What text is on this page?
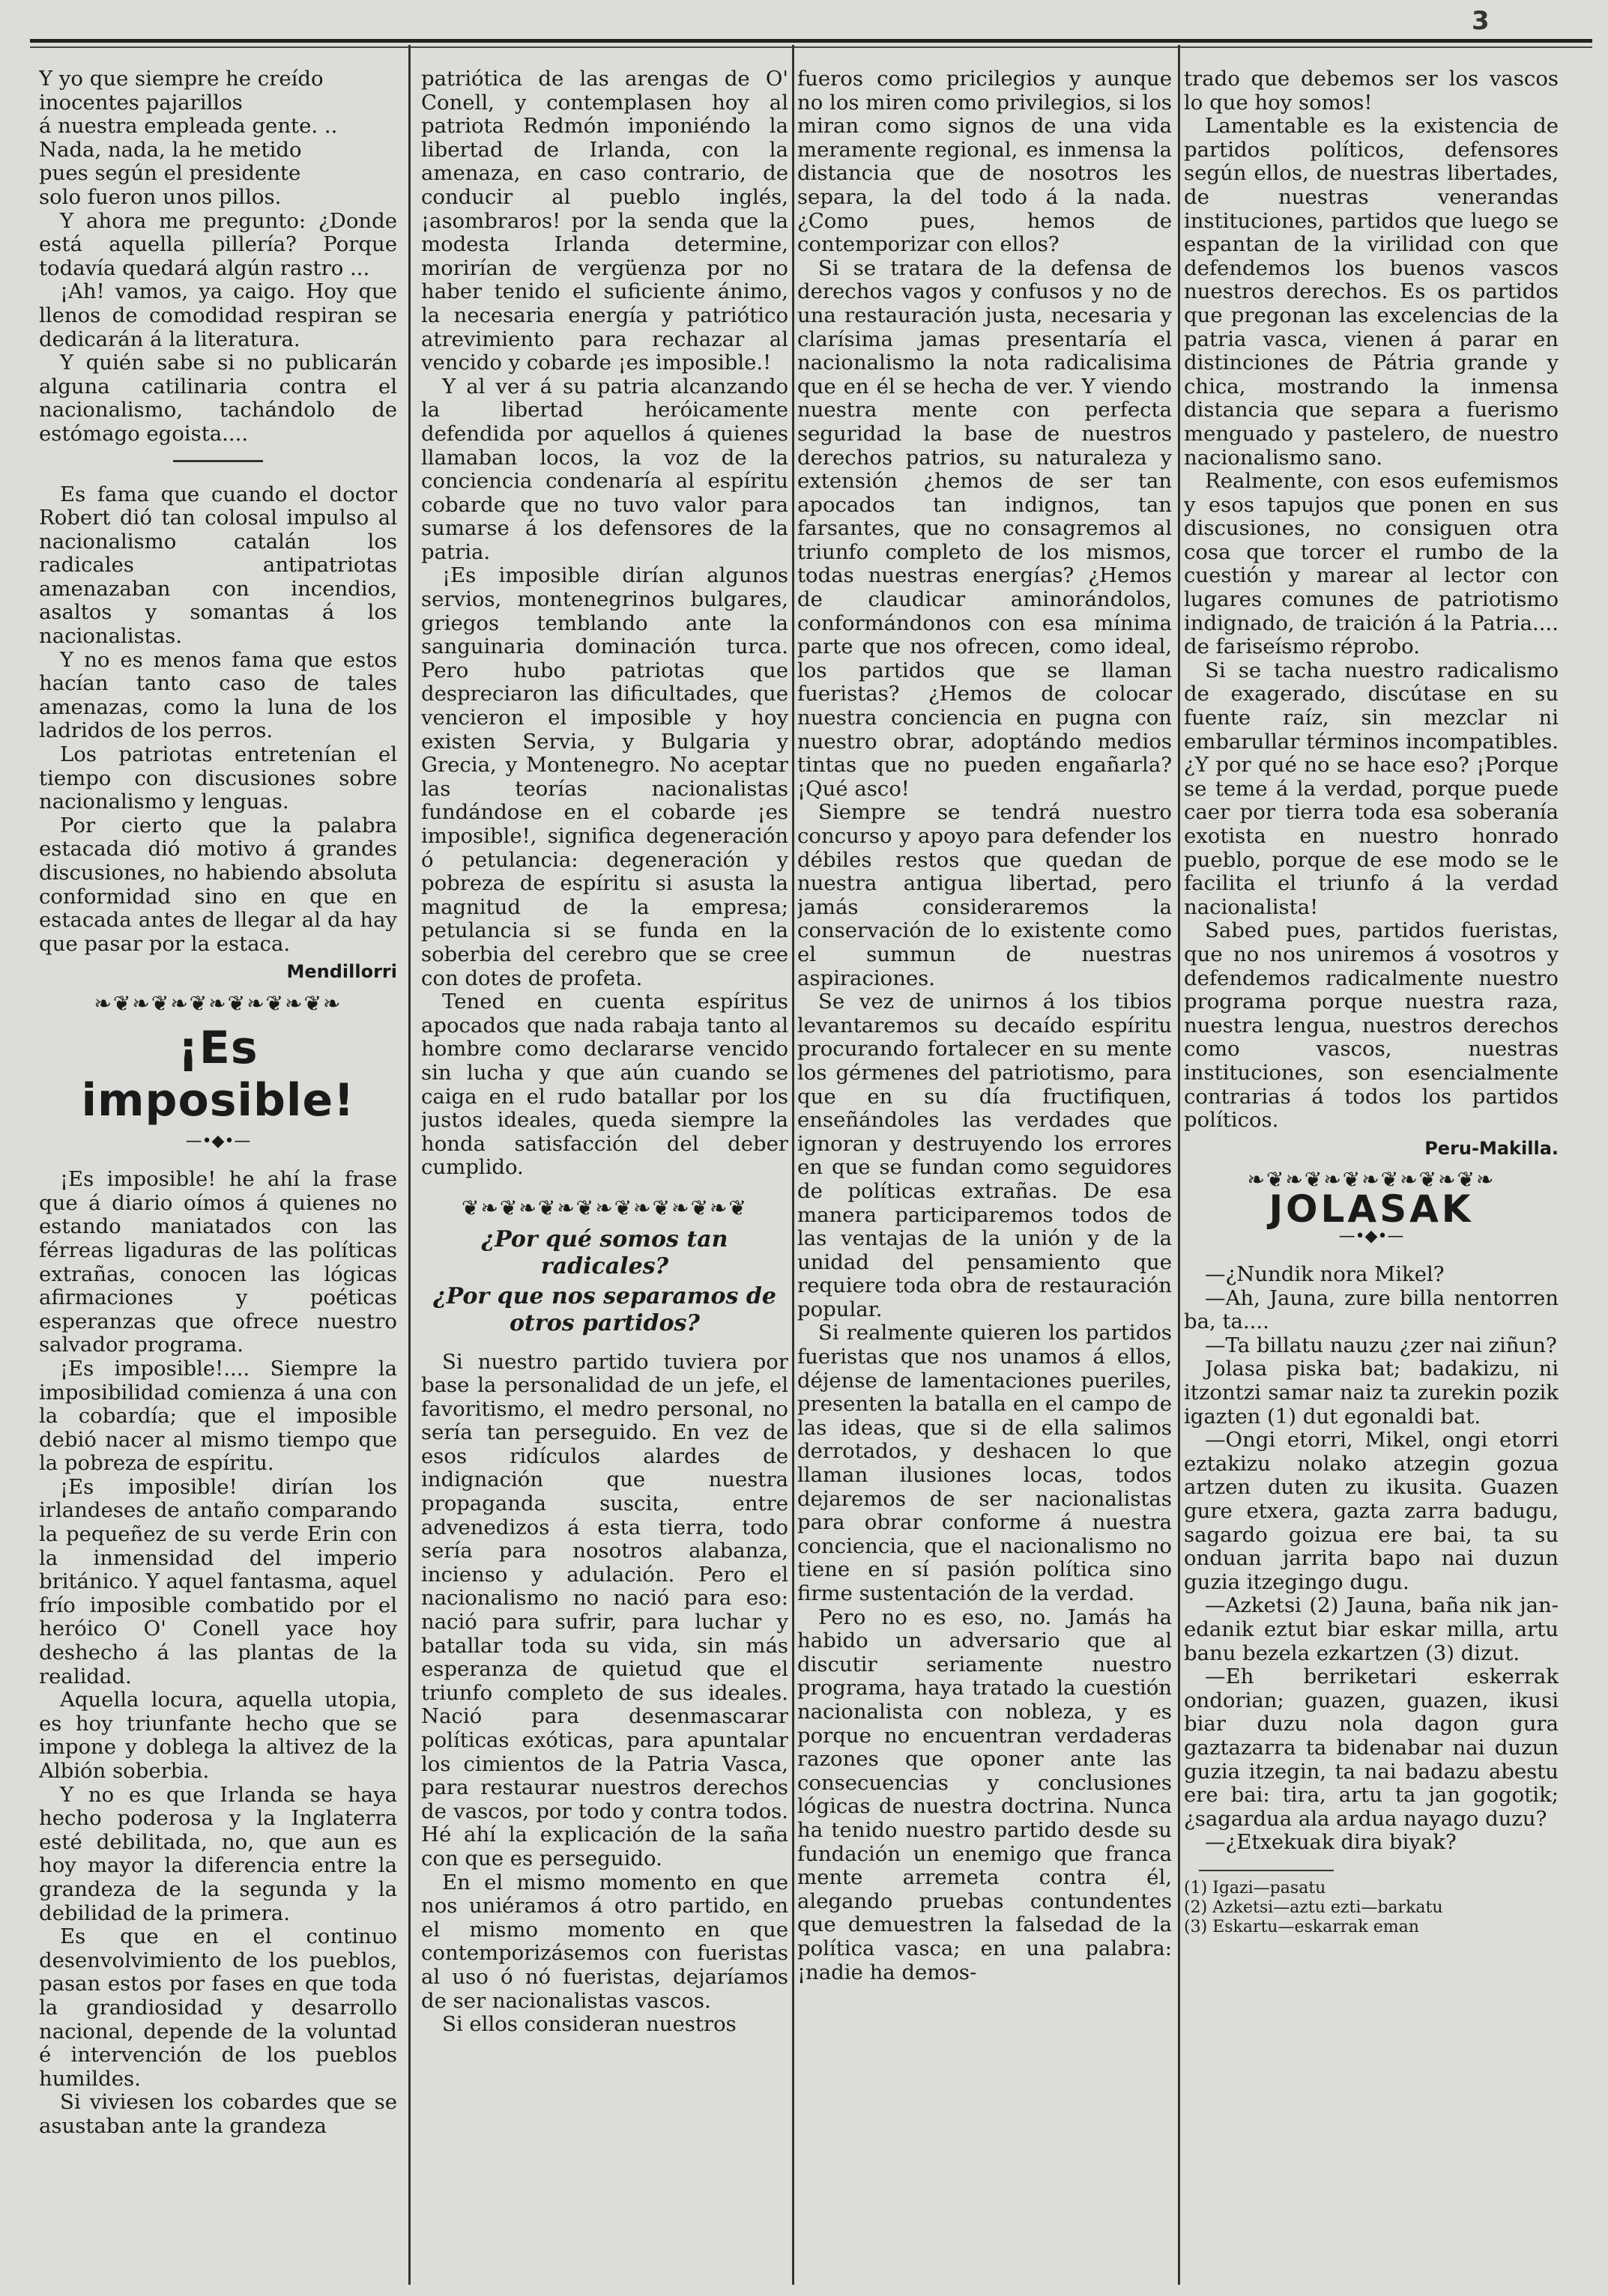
3

Y yo que siempre he creído

inocentes pajarillos

á nuestra empleada gente. ..

Nada, nada, la he metido

pues según el presidente

solo fueron unos pillos.

Y ahora me pregunto: ¿Donde está aquella pillería? Porque todavía quedará algún rastro ...

¡Ah! vamos, ya caigo. Hoy que llenos de comodidad respiran se dedicarán á la literatura.

Y quién sabe si no publicarán alguna catilinaria contra el nacionalismo, tachándolo de estómago egoista....

Es fama que cuando el doctor Robert dió tan colosal impulso al nacionalismo catalán los radicales antipatriotas amenazaban con incendios, asaltos y somantas á los nacionalistas.

Y no es menos fama que estos hacían tanto caso de tales amenazas, como la luna de los ladridos de los perros.

Los patriotas entretenían el tiempo con discusiones sobre nacionalismo y lenguas.

Por cierto que la palabra estacada dió motivo á grandes discusiones, no habiendo absoluta conformidad sino en que en estacada antes de llegar al da hay que pasar por la estaca.

Mendillorri
❧❦❧❦❧❦❧❦❧❦❧❦❧
¡Es imposible!
—•◆•—

¡Es imposible! he ahí la frase que á diario oímos á quienes no estando maniatados con las férreas ligaduras de las políticas extrañas, conocen las lógicas afirmaciones y poéticas esperanzas que ofrece nuestro salvador programa.

¡Es imposible!.... Siempre la imposibilidad comienza á una con la cobardía; que el imposible debió nacer al mismo tiempo que la pobreza de espíritu.

¡Es imposible! dirían los irlandeses de antaño comparando la pequeñez de su verde Erin con la inmensidad del imperio británico. Y aquel fantasma, aquel frío imposible combatido por el heróico O' Conell yace hoy deshecho á las plantas de la realidad.

Aquella locura, aquella utopia, es hoy triunfante hecho que se impone y doblega la altivez de la Albión soberbia.

Y no es que Irlanda se haya hecho poderosa y la Inglaterra esté debilitada, no, que aun es hoy mayor la diferencia entre la grandeza de la segunda y la debilidad de la primera.

Es que en el continuo desenvolvimiento de los pueblos, pasan estos por fases en que toda la grandiosidad y desarrollo nacional, depende de la voluntad é intervención de los pueblos humildes.

Si viviesen los cobardes que se asustaban ante la grandeza

patriótica de las arengas de O' Conell, y contemplasen hoy al patriota Redmón imponiéndo la libertad de Irlanda, con la amenaza, en caso contrario, de conducir al pueblo inglés, ¡asombraros! por la senda que la modesta Irlanda determine, morirían de vergüenza por no haber tenido el suficiente ánimo, la necesaria energía y patriótico atrevimiento para rechazar al vencido y cobarde ¡es imposible.!

Y al ver á su patria alcanzando la libertad heróicamente defendida por aquellos á quienes llamaban locos, la voz de la conciencia condenaría al espíritu cobarde que no tuvo valor para sumarse á los defensores de la patria.

¡Es imposible dirían algunos servios, montenegrinos bulgares, griegos temblando ante la sanguinaria dominación turca. Pero hubo patriotas que despreciaron las dificultades, que vencieron el imposible y hoy existen Servia, y Bulgaria y Grecia, y Montenegro. No aceptar las teorías nacionalistas fundándose en el cobarde ¡es imposible!, significa degeneración ó petulancia: degeneración y pobreza de espíritu si asusta la magnitud de la empresa; petulancia si se funda en la soberbia del cerebro que se cree con dotes de profeta.

Tened en cuenta espíritus apocados que nada rabaja tanto al hombre como declararse vencido sin lucha y que aún cuando se caiga en el rudo batallar por los justos ideales, queda siempre la honda satisfacción del deber cumplido.

❦❧❦❧❦❧❦❧❦❧❦❧❦❧❦
¿Por qué somos tan radicales?
¿Por que nos separamos de otros partidos?

Si nuestro partido tuviera por base la personalidad de un jefe, el favoritismo, el medro personal, no sería tan perseguido. En vez de esos ridículos alardes de indignación que nuestra propaganda suscita, entre advenedizos á esta tierra, todo sería para nosotros alabanza, incienso y adulación. Pero el nacionalismo no nació para eso: nació para sufrir, para luchar y batallar toda su vida, sin más esperanza de quietud que el triunfo completo de sus ideales. Nació para desenmascarar políticas exóticas, para apuntalar los cimientos de la Patria Vasca, para restaurar nuestros derechos de vascos, por todo y contra todos. Hé ahí la explicación de la saña con que es perseguido.

En el mismo momento en que nos uniéramos á otro partido, en el mismo momento en que contemporizásemos con fueristas al uso ó nó fueristas, dejaríamos de ser nacionalistas vascos.

Si ellos consideran nuestros

fueros como pricilegios y aunque no los miren como privilegios, si los miran como signos de una vida meramente regional, es inmensa la distancia que de nosotros les separa, la del todo á la nada. ¿Como pues, hemos de contemporizar con ellos?

Si se tratara de la defensa de derechos vagos y confusos y no de una restauración justa, necesaria y clarísima jamas presentaría el nacionalismo la nota radicalisima que en él se hecha de ver. Y viendo nuestra mente con perfecta seguridad la base de nuestros derechos patrios, su naturaleza y extensión ¿hemos de ser tan apocados tan indignos, tan farsantes, que no consagremos al triunfo completo de los mismos, todas nuestras energías? ¿Hemos de claudicar aminorándolos, conformándonos con esa mínima parte que nos ofrecen, como ideal, los partidos que se llaman fueristas? ¿Hemos de colocar nuestra conciencia en pugna con nuestro obrar, adoptándo medios tintas que no pueden engañarla? ¡Qué asco!

Siempre se tendrá nuestro concurso y apoyo para defender los débiles restos que quedan de nuestra antigua libertad, pero jamás consideraremos la conservación de lo existente como el summun de nuestras aspiraciones.

Se vez de unirnos á los tibios levantaremos su decaído espíritu procurando fortalecer en su mente los gérmenes del patriotismo, para que en su día fructifiquen, enseñándoles las verdades que ignoran y destruyendo los errores en que se fundan como seguidores de políticas extrañas. De esa manera participaremos todos de las ventajas de la unión y de la unidad del pensamiento que requiere toda obra de restauración popular.

Si realmente quieren los partidos fueristas que nos unamos á ellos, déjense de lamentaciones pueriles, presenten la batalla en el campo de las ideas, que si de ella salimos derrotados, y deshacen lo que llaman ilusiones locas, todos dejaremos de ser nacionalistas para obrar conforme á nuestra conciencia, que el nacionalismo no tiene en sí pasión política sino firme sustentación de la verdad.

Pero no es eso, no. Jamás ha habido un adversario que al discutir seriamente nuestro programa, haya tratado la cuestión nacionalista con nobleza, y es porque no encuentran verdaderas razones que oponer ante las consecuencias y conclusiones lógicas de nuestra doctrina. Nunca ha tenido nuestro partido desde su fundación un enemigo que franca mente arremeta contra él, alegando pruebas contundentes que demuestren la falsedad de la política vasca; en una palabra: ¡nadie ha demos-

trado que debemos ser los vascos lo que hoy somos!

Lamentable es la existencia de partidos políticos, defensores según ellos, de nuestras libertades, de nuestras venerandas instituciones, partidos que luego se espantan de la virilidad con que defendemos los buenos vascos nuestros derechos. Es os partidos que pregonan las excelencias de la patria vasca, vienen á parar en distinciones de Pátria grande y chica, mostrando la inmensa distancia que separa a fuerismo menguado y pastelero, de nuestro nacionalismo sano.

Realmente, con esos eufemismos y esos tapujos que ponen en sus discusiones, no consiguen otra cosa que torcer el rumbo de la cuestión y marear al lector con lugares comunes de patriotismo indignado, de traición á la Patria.... de fariseísmo réprobo.

Si se tacha nuestro radicalismo de exagerado, discútase en su fuente raíz, sin mezclar ni embarullar términos incompatibles. ¿Y por qué no se hace eso? ¡Porque se teme á la verdad, porque puede caer por tierra toda esa soberanía exotista en nuestro honrado pueblo, porque de ese modo se le facilita el triunfo á la verdad nacionalista!

Sabed pues, partidos fueristas, que no nos uniremos á vosotros y defendemos radicalmente nuestro programa porque nuestra raza, nuestra lengua, nuestros derechos como vascos, nuestras instituciones, son esencialmente contrarias á todos los partidos políticos.

Peru-Makilla.
❧❦❧❦❧❦❧❦❧❦❧❦❧
JOLASAK
—•◆•—

—¿Nundik nora Mikel?

—Ah, Jauna, zure billa nentorren ba, ta....

—Ta billatu nauzu ¿zer nai ziñun?

Jolasa piska bat; badakizu, ni itzontzi samar naiz ta zurekin pozik igazten (1) dut egonaldi bat.

—Ongi etorri, Mikel, ongi etorri eztakizu nolako atzegin gozua artzen duten zu ikusita. Guazen gure etxera, gazta zarra badugu, sagardo goizua ere bai, ta su onduan jarrita bapo nai duzun guzia itzegingo dugu.

—Azketsi (2) Jauna, baña nik jan-edanik eztut biar eskar milla, artu banu bezela ezkartzen (3) dizut.

—Eh berriketari eskerrak ondorian; guazen, guazen, ikusi biar duzu nola dagon gura gaztazarra ta bidenabar nai duzun guzia itzegin, ta nai badazu abestu ere bai: tira, artu ta jan gogotik; ¿sagardua ala ardua nayago duzu?

—¿Etxekuak dira biyak?

(1) Igazi—pasatu

(2) Azketsi—aztu ezti—barkatu

(3) Eskartu—eskarrak eman
